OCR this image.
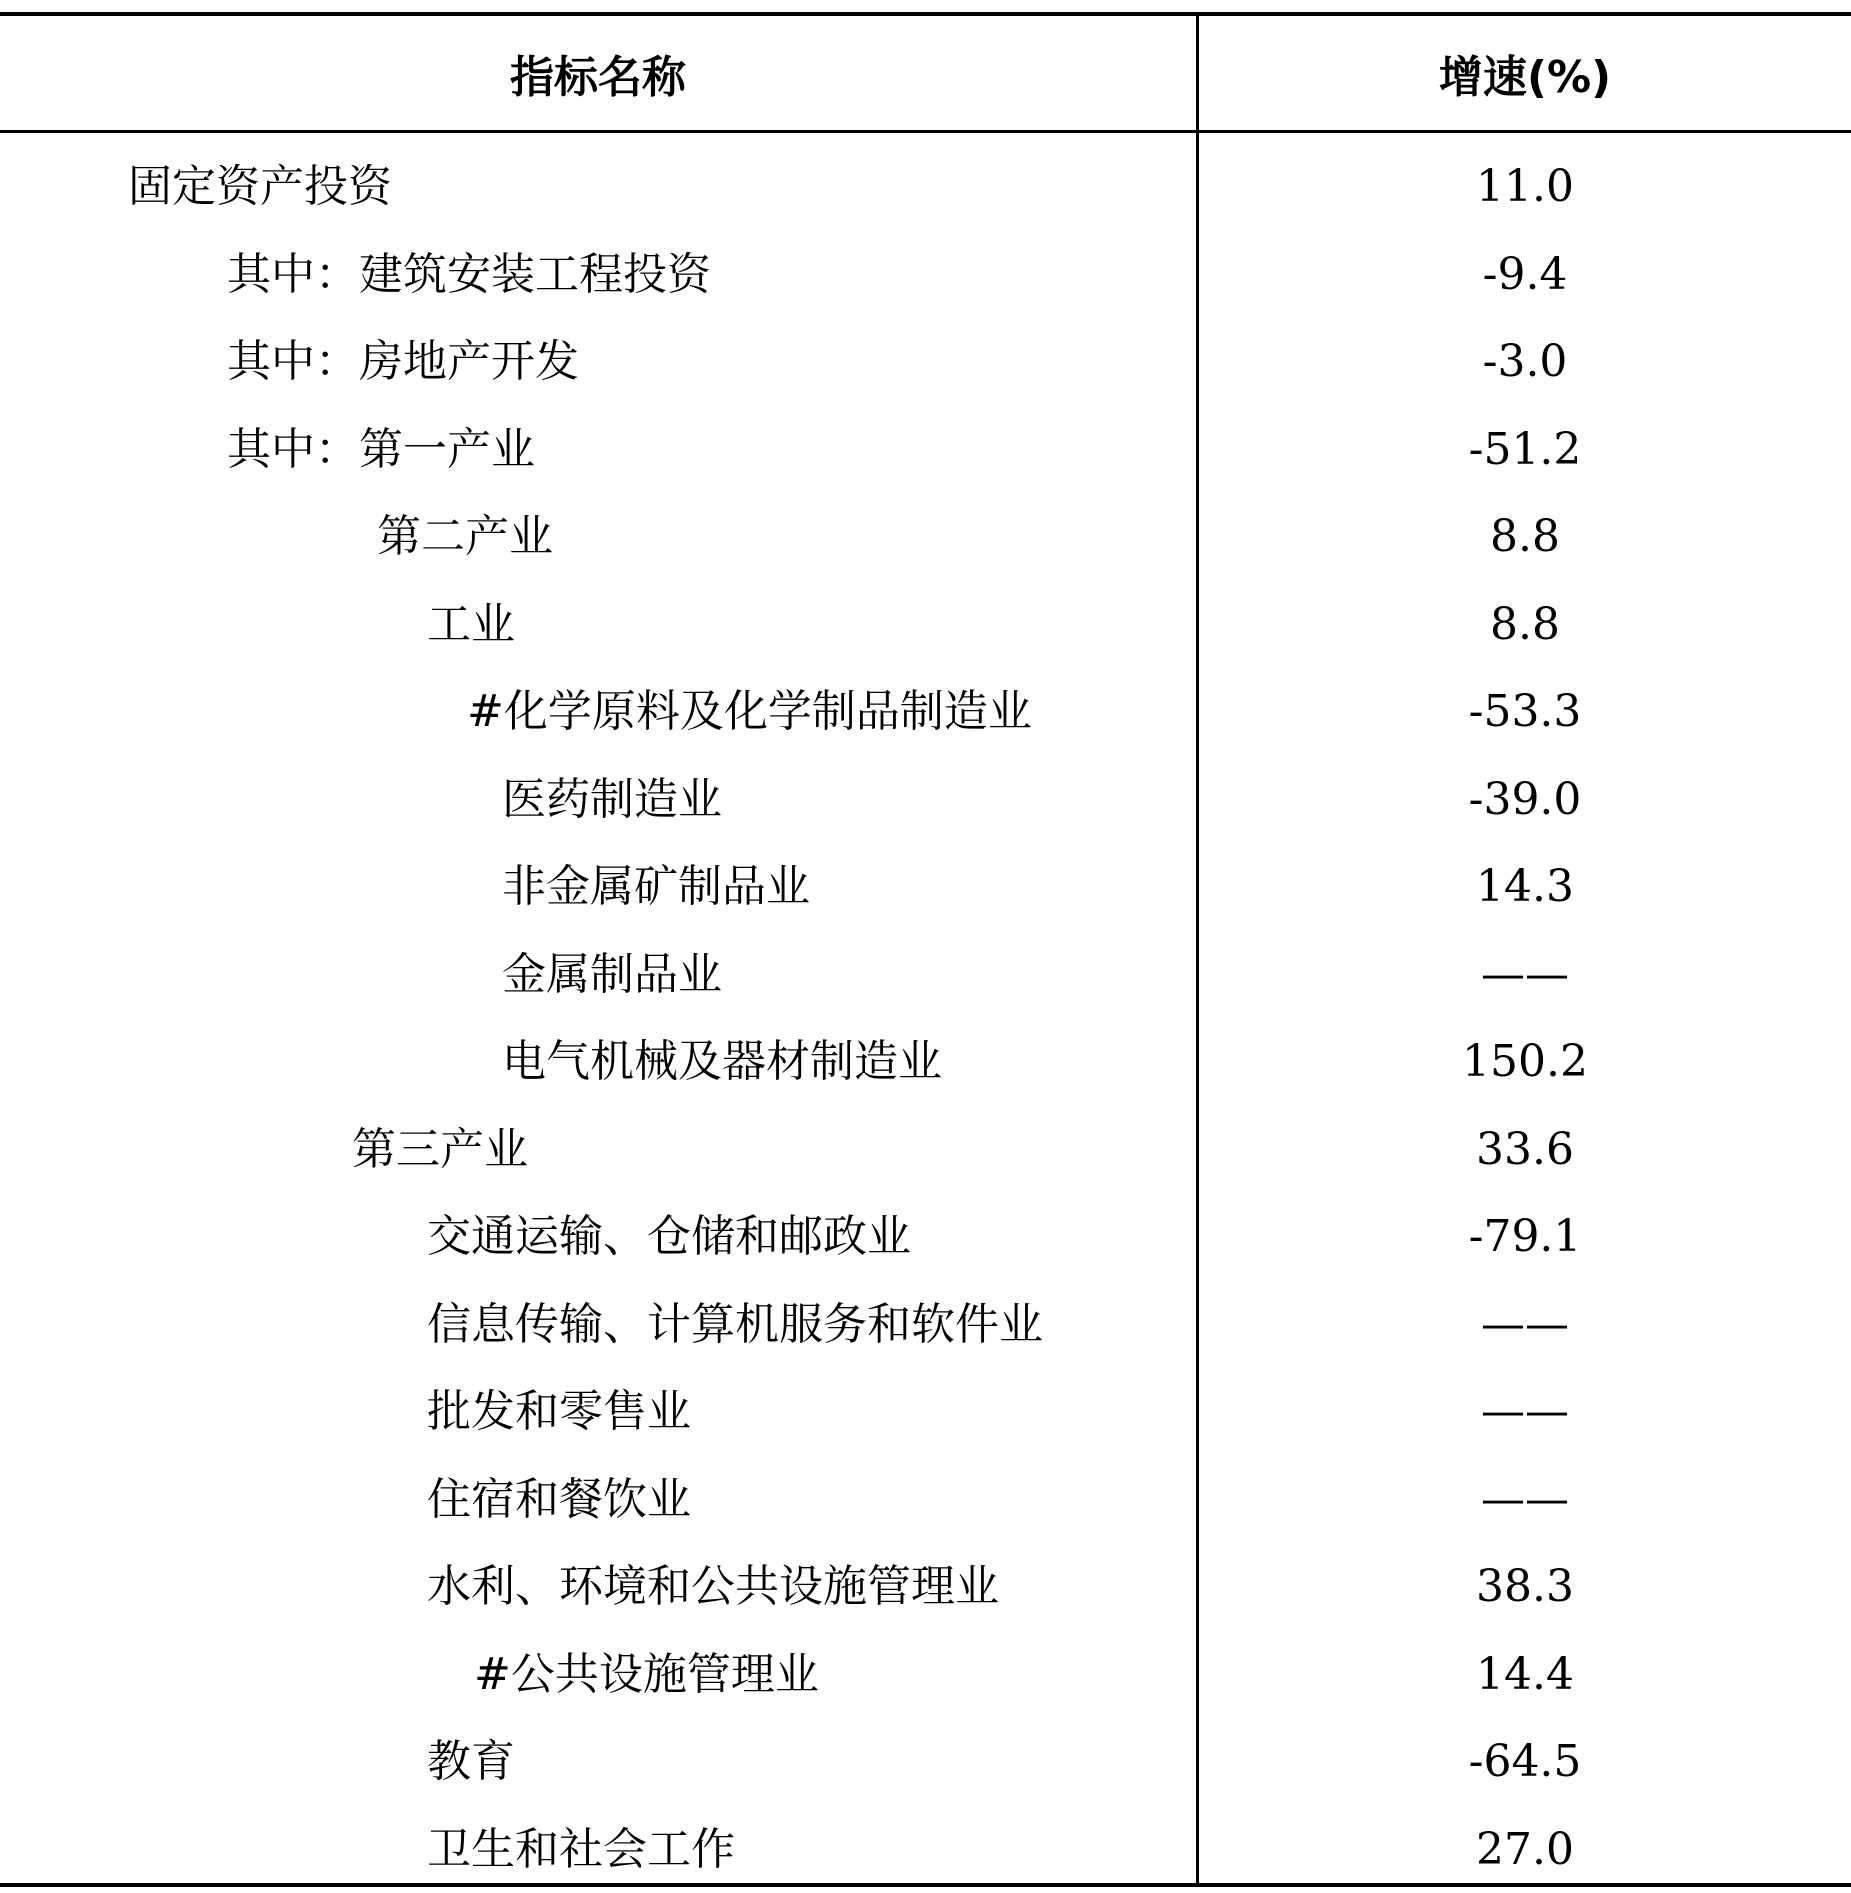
指标名称	增速(%)
固定资产投资	11.0
其中：建筑安装工程投资	-9.4
其中：房地产开发	-3.0
其中：第一产业	-51.2
第二产业	8.8
工业	8.8
#化学原料及化学制品制造业	-53.3
医药制造业	-39.0
非金属矿制品业	14.3
金属制品业	——
电气机械及器材制造业	150.2
第三产业	33.6
交通运输、仓储和邮政业	-79.1
信息传输、计算机服务和软件业	——
批发和零售业	——
住宿和餐饮业	——
水利、环境和公共设施管理业	38.3
#公共设施管理业	14.4
教育	-64.5
卫生和社会工作	27.0
